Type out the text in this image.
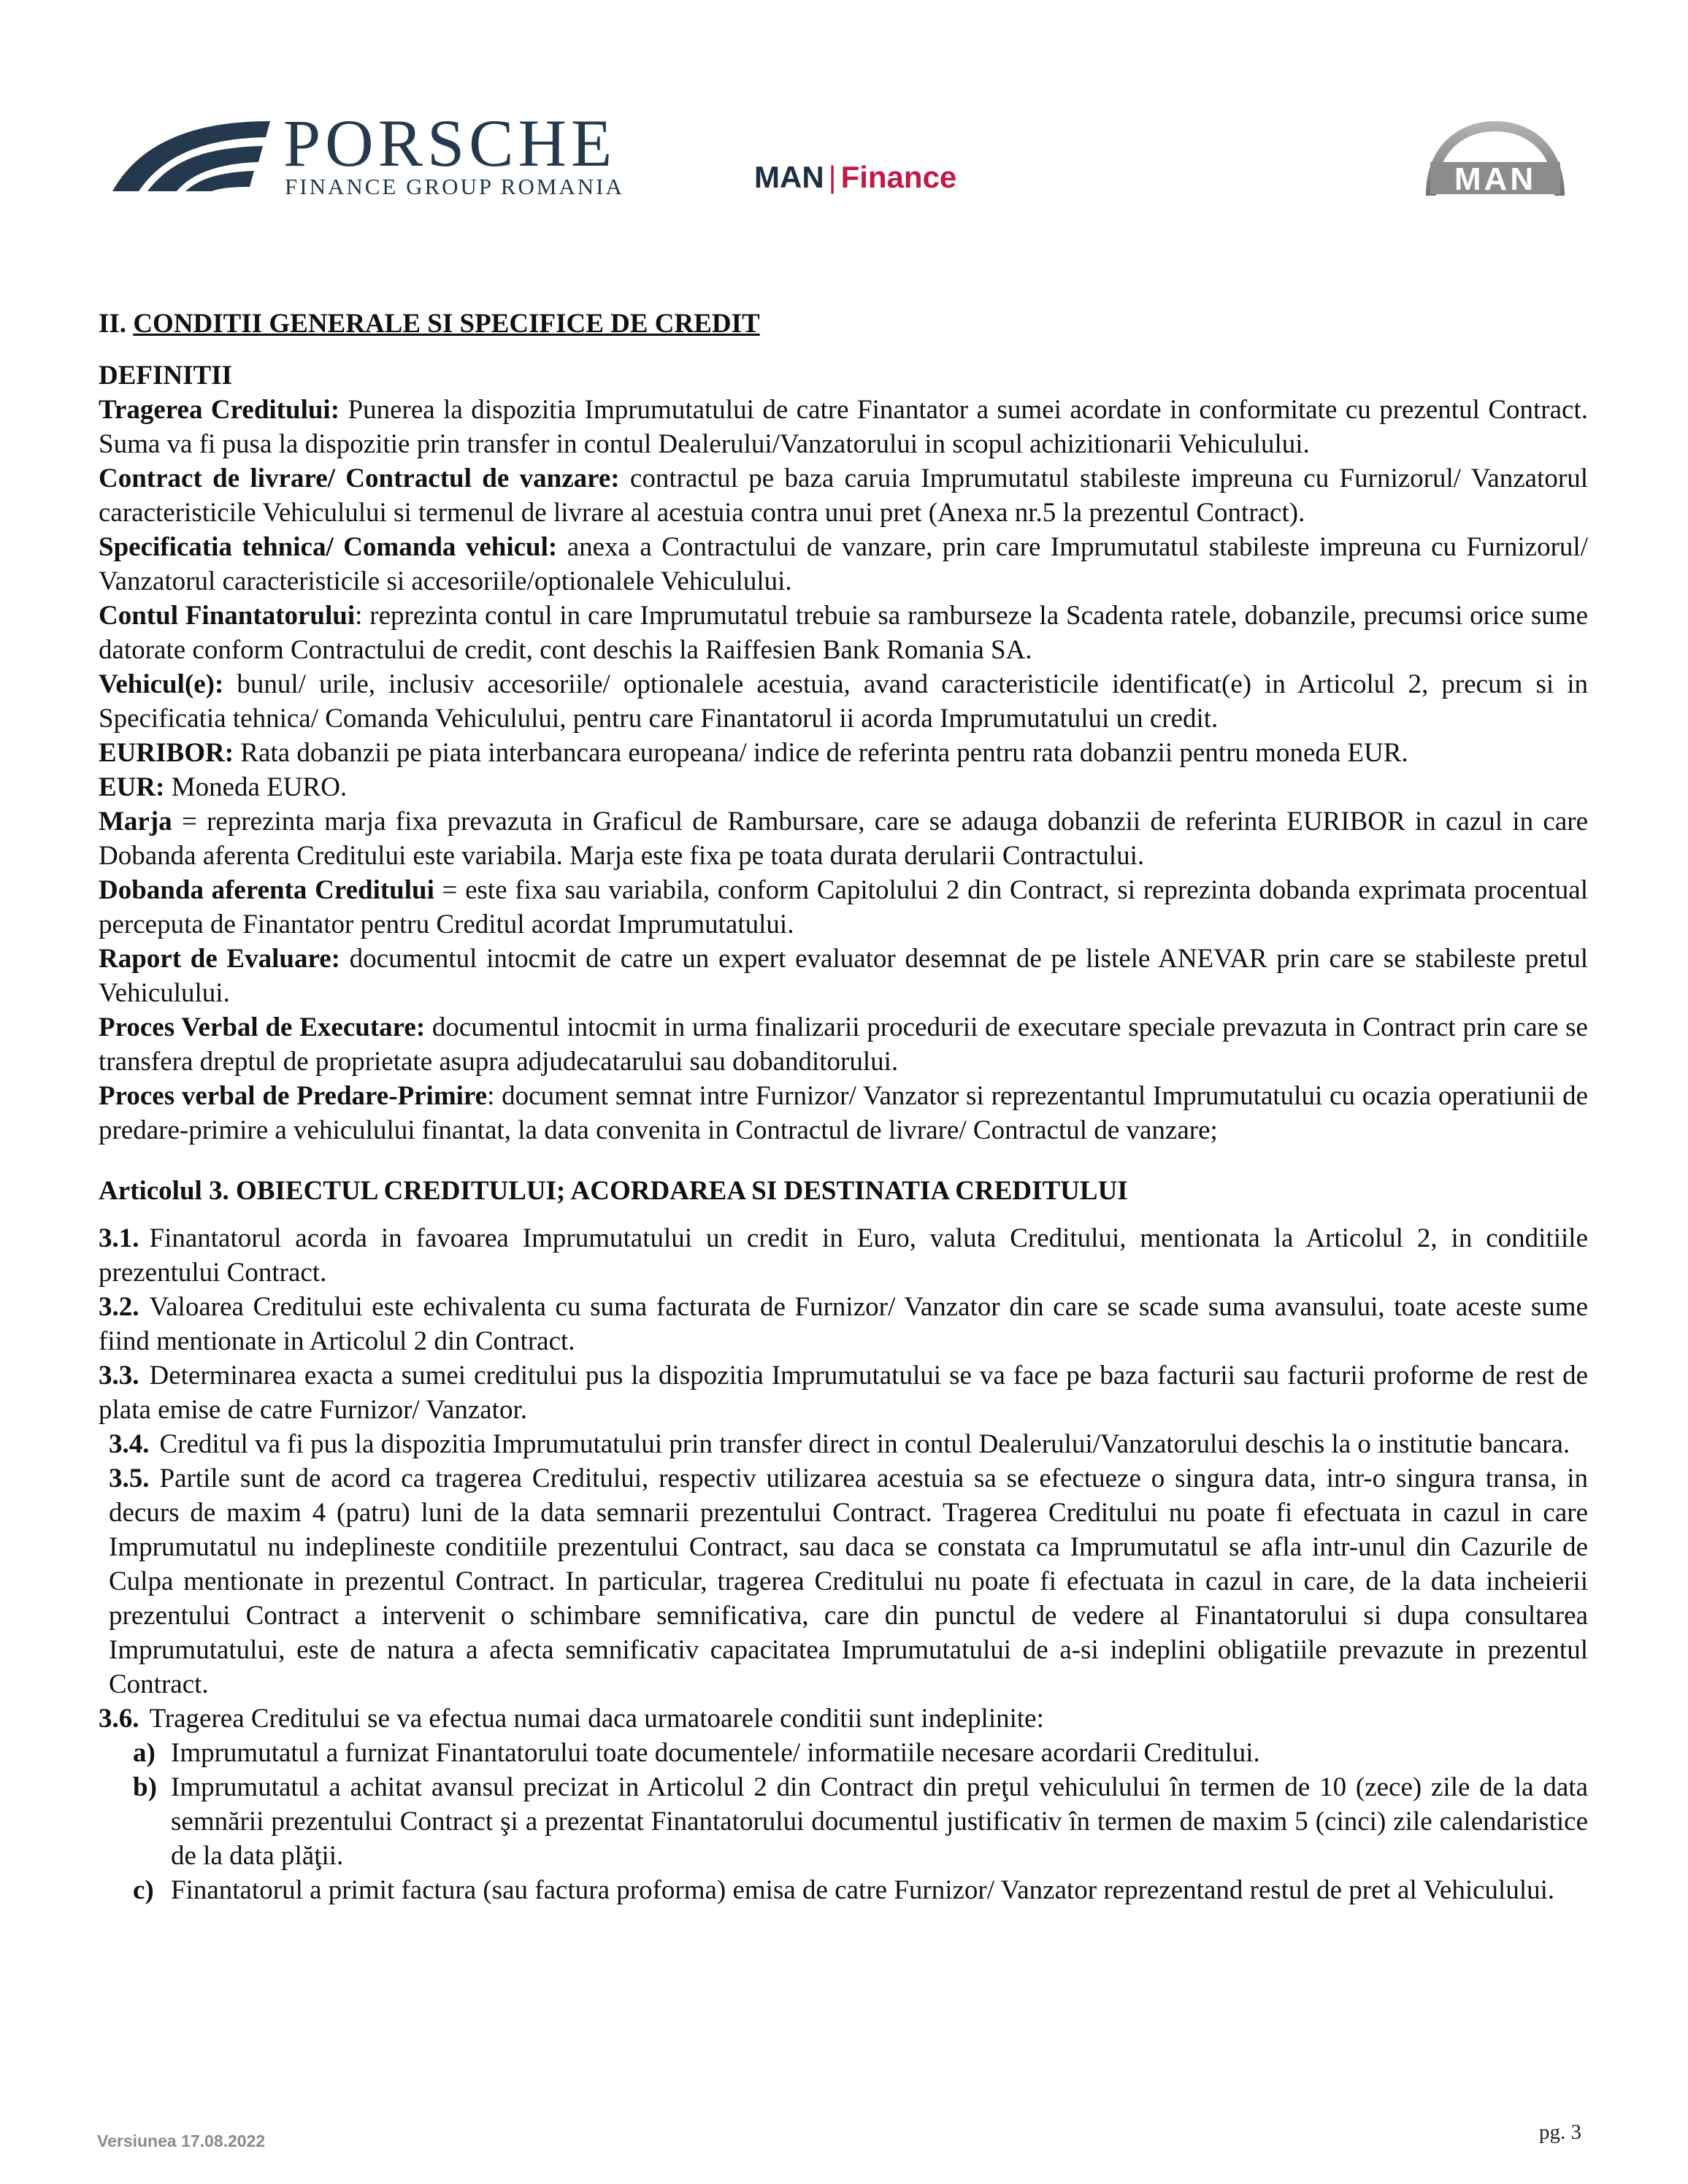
PORSCHE
FINANCE GROUP ROMANIA	MAN | Finance	MAN

II. CONDITII GENERALE SI SPECIFICE DE CREDIT

DEFINITII

Tragerea Creditului: Punerea la dispozitia Imprumutatului de catre Finantator a sumei acordate in conformitate cu prezentul Contract. Suma va fi pusa la dispozitie prin transfer in contul Dealerului/Vanzatorului in scopul achizitionarii Vehiculului.

Contract de livrare/ Contractul de vanzare: contractul pe baza caruia Imprumutatul stabileste impreuna cu Furnizorul/ Vanzatorul caracteristicile Vehiculului si termenul de livrare al acestuia contra unui pret (Anexa nr.5 la prezentul Contract).

Specificatia tehnica/ Comanda vehicul: anexa a Contractului de vanzare, prin care Imprumutatul stabileste impreuna cu Furnizorul/ Vanzatorul caracteristicile si accesoriile/optionalele Vehiculului.

Contul Finantatorului: reprezinta contul in care Imprumutatul trebuie sa ramburseze la Scadenta ratele, dobanzile, precumsi orice sume datorate conform Contractului de credit, cont deschis la Raiffesien Bank Romania SA.

Vehicul(e): bunul/ urile, inclusiv accesoriile/ optionalele acestuia, avand caracteristicile identificat(e) in Articolul 2, precum si in Specificatia tehnica/ Comanda Vehiculului, pentru care Finantatorul ii acorda Imprumutatului un credit.

EURIBOR: Rata dobanzii pe piata interbancara europeana/ indice de referinta pentru rata dobanzii pentru moneda EUR.

EUR: Moneda EURO.

Marja = reprezinta marja fixa prevazuta in Graficul de Rambursare, care se adauga dobanzii de referinta EURIBOR in cazul in care Dobanda aferenta Creditului este variabila. Marja este fixa pe toata durata derularii Contractului.

Dobanda aferenta Creditului = este fixa sau variabila, conform Capitolului 2 din Contract, si reprezinta dobanda exprimata procentual perceputa de Finantator pentru Creditul acordat Imprumutatului.

Raport de Evaluare: documentul intocmit de catre un expert evaluator desemnat de pe listele ANEVAR prin care se stabileste pretul Vehiculului.

Proces Verbal de Executare: documentul intocmit in urma finalizarii procedurii de executare speciale prevazuta in Contract prin care se transfera dreptul de proprietate asupra adjudecatarului sau dobanditorului.

Proces verbal de Predare-Primire: document semnat intre Furnizor/ Vanzator si reprezentantul Imprumutatului cu ocazia operatiunii de predare-primire a vehiculului finantat, la data convenita in Contractul de livrare/ Contractul de vanzare;

Articolul 3. OBIECTUL CREDITULUI; ACORDAREA SI DESTINATIA CREDITULUI

3.1. Finantatorul acorda in favoarea Imprumutatului un credit in Euro, valuta Creditului, mentionata la Articolul 2, in conditiile prezentului Contract.

3.2. Valoarea Creditului este echivalenta cu suma facturata de Furnizor/ Vanzator din care se scade suma avansului, toate aceste sume fiind mentionate in Articolul 2 din Contract.

3.3. Determinarea exacta a sumei creditului pus la dispozitia Imprumutatului se va face pe baza facturii sau facturii proforme de rest de plata emise de catre Furnizor/ Vanzator.

3.4. Creditul va fi pus la dispozitia Imprumutatului prin transfer direct in contul Dealerului/Vanzatorului deschis la o institutie bancara.

3.5. Partile sunt de acord ca tragerea Creditului, respectiv utilizarea acestuia sa se efectueze o singura data, intr-o singura transa, in decurs de maxim 4 (patru) luni de la data semnarii prezentului Contract. Tragerea Creditului nu poate fi efectuata in cazul in care Imprumutatul nu indeplineste conditiile prezentului Contract, sau daca se constata ca Imprumutatul se afla intr-unul din Cazurile de Culpa mentionate in prezentul Contract. In particular, tragerea Creditului nu poate fi efectuata in cazul in care, de la data incheierii prezentului Contract a intervenit o schimbare semnificativa, care din punctul de vedere al Finantatorului si dupa consultarea Imprumutatului, este de natura a afecta semnificativ capacitatea Imprumutatului de a-si indeplini obligatiile prevazute in prezentul Contract.

3.6. Tragerea Creditului se va efectua numai daca urmatoarele conditii sunt indeplinite:

a) Imprumutatul a furnizat Finantatorului toate documentele/ informatiile necesare acordarii Creditului.
b) Imprumutatul a achitat avansul precizat in Articolul 2 din Contract din preţul vehiculului în termen de 10 (zece) zile de la data semnării prezentului Contract şi a prezentat Finantatorului documentul justificativ în termen de maxim 5 (cinci) zile calendaristice de la data plăţii.
c) Finantatorul a primit factura (sau factura proforma) emisa de catre Furnizor/ Vanzator reprezentand restul de pret al Vehiculului.
Versiunea 17.08.2022	pg. 3
